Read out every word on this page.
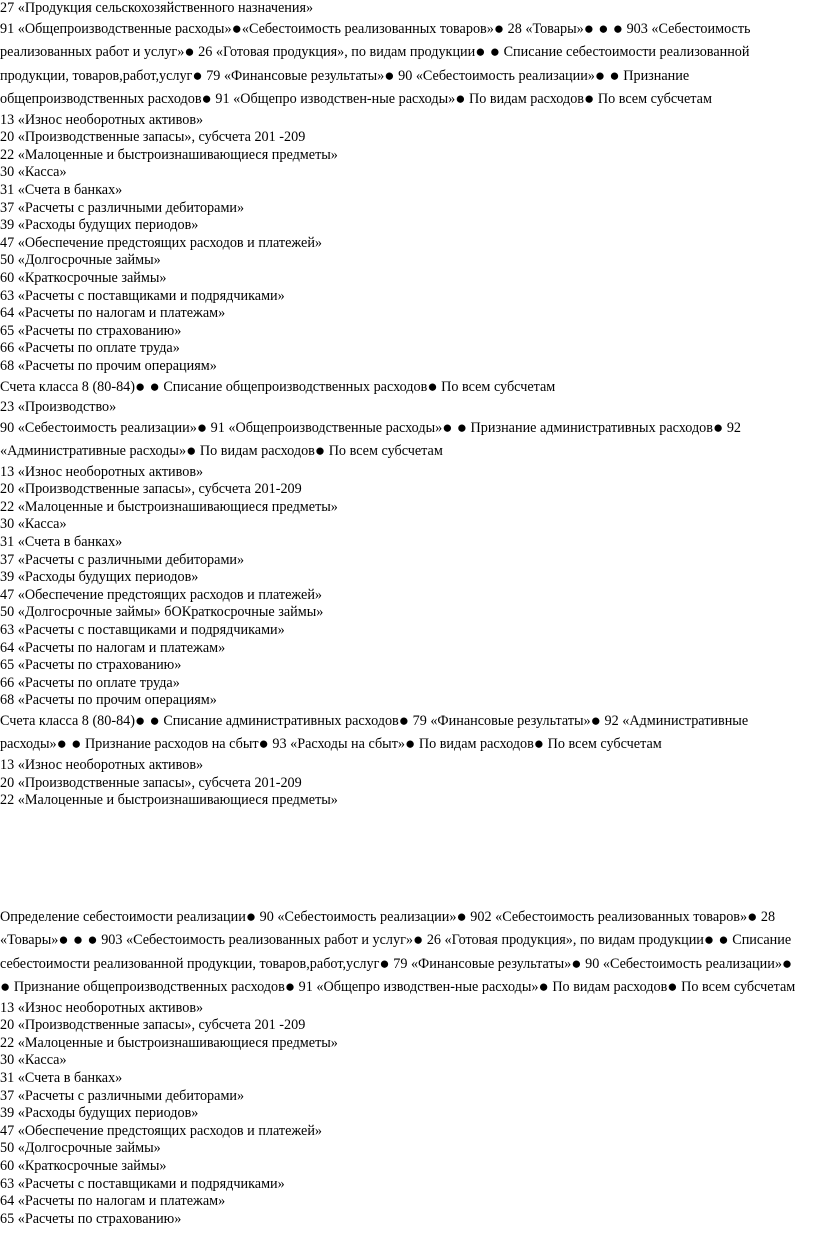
27 «Продукция сельскохозяйственного назначения»
91 «Общепроизводственные расходы»●«Себестоимость реализованных товаров»● 28 «Товары»● ● ● 903 «Себестоимость реализованных работ и услуг»● 26 «Готовая продукция», по видам продукции● ● Списание себестоимости реализованной продукции, товаров,работ,услуг● 79 «Финансовые результаты»● 90 «Себестоимость реализации»● ● Признание общепроизводственных расходов● 91 «Общепро изводствен-ные расходы»● По видам расходов● По всем субсчетам
13 «Износ необоротных активов»
20 «Производственные запасы», субсчета 201 -209
22 «Малоценные и быстроизнашивающиеся предметы»
30 «Касса»
31 «Счета в банках»
37 «Расчеты с различными дебиторами»
39 «Расходы будущих периодов»
47 «Обеспечение предстоящих расходов и платежей»
50 «Долгосрочные займы»
60 «Краткосрочные займы»
63 «Расчеты с поставщиками и подрядчиками»
64 «Расчеты по налогам и платежам»
65 «Расчеты по страхованию»
66 «Расчеты по оплате труда»
68 «Расчеты по прочим операциям»
Счета класса 8 (80-84)● ● Списание общепроизводственных расходов● По всем субсчетам
23 «Производство»
90 «Себестоимость реализации»● 91 «Общепроизводственные расходы»● ● Признание административных расходов● 92 «Административные расходы»● По видам расходов● По всем субсчетам
13 «Износ необоротных активов»
20 «Производственные запасы», субсчета 201-209
22 «Малоценные и быстроизнашивающиеся предметы»
30 «Касса»
31 «Счета в банках»
37 «Расчеты с различными дебиторами»
39 «Расходы будущих периодов»
47 «Обеспечение предстоящих расходов и платежей»
50 «Долгосрочные займы» бОКраткосрочные займы»
63 «Расчеты с поставщиками и подрядчиками»
64 «Расчеты по налогам и платежам»
65 «Расчеты по страхованию»
66 «Расчеты по оплате труда»
68 «Расчеты по прочим операциям»
Счета класса 8 (80-84)● ● Списание административных расходов● 79 «Финансовые результаты»● 92 «Административные расходы»● ● Признание расходов на сбыт● 93 «Расходы на сбыт»● По видам расходов● По всем субсчетам
13 «Износ необоротных активов»
20 «Производственные запасы», субсчета 201-209
22 «Малоценные и быстроизнашивающиеся предметы»
Определение себестоимости реализации● 90 «Себестоимость реализации»● 902 «Себестоимость реализованных товаров»● 28 «Товары»● ● ● 903 «Себестоимость реализованных работ и услуг»● 26 «Готовая продукция», по видам продукции● ● Списание себестоимости реализованной продукции, товаров,работ,услуг● 79 «Финансовые результаты»● 90 «Себестоимость реализации»● ● Признание общепроизводственных расходов● 91 «Общепро изводствен-ные расходы»● По видам расходов● По всем субсчетам
13 «Износ необоротных активов»
20 «Производственные запасы», субсчета 201 -209
22 «Малоценные и быстроизнашивающиеся предметы»
30 «Касса»
31 «Счета в банках»
37 «Расчеты с различными дебиторами»
39 «Расходы будущих периодов»
47 «Обеспечение предстоящих расходов и платежей»
50 «Долгосрочные займы»
60 «Краткосрочные займы»
63 «Расчеты с поставщиками и подрядчиками»
64 «Расчеты по налогам и платежам»
65 «Расчеты по страхованию»
